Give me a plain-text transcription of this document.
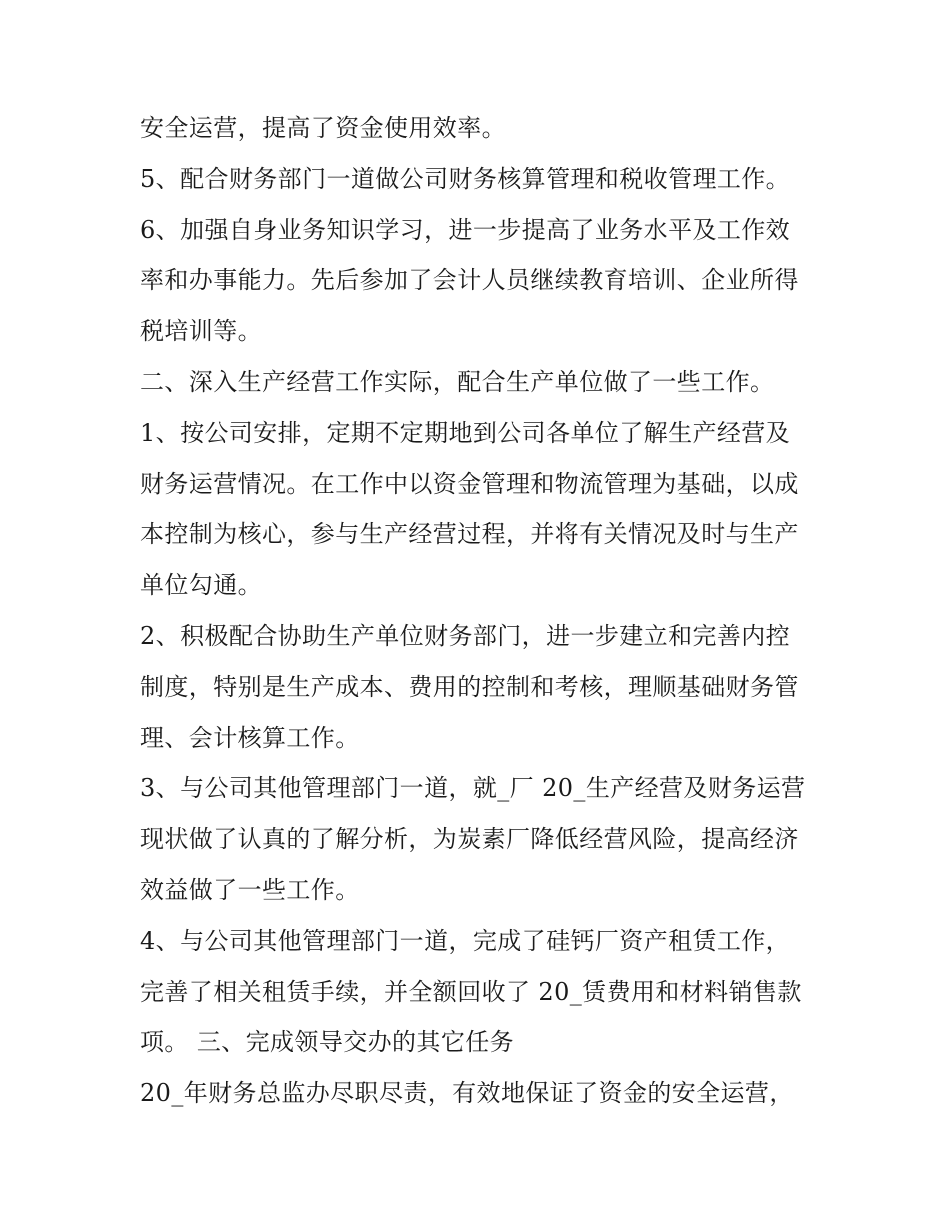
安全运营，提高了资金使用效率。
5、配合财务部门一道做公司财务核算管理和税收管理工作。
6、加强自身业务知识学习，进一步提高了业务水平及工作效
率和办事能力。先后参加了会计人员继续教育培训、企业所得
税培训等。
二、深入生产经营工作实际，配合生产单位做了一些工作。
1、按公司安排，定期不定期地到公司各单位了解生产经营及
财务运营情况。在工作中以资金管理和物流管理为基础，以成
本控制为核心，参与生产经营过程，并将有关情况及时与生产
单位勾通。
2、积极配合协助生产单位财务部门，进一步建立和完善内控
制度，特别是生产成本、费用的控制和考核，理顺基础财务管
理、会计核算工作。
3、与公司其他管理部门一道，就_厂 20_生产经营及财务运营
现状做了认真的了解分析，为炭素厂降低经营风险，提高经济
效益做了一些工作。
4、与公司其他管理部门一道，完成了硅钙厂资产租赁工作，
完善了相关租赁手续，并全额回收了 20_赁费用和材料销售款
项。 三、完成领导交办的其它任务
20_年财务总监办尽职尽责，有效地保证了资金的安全运营，
